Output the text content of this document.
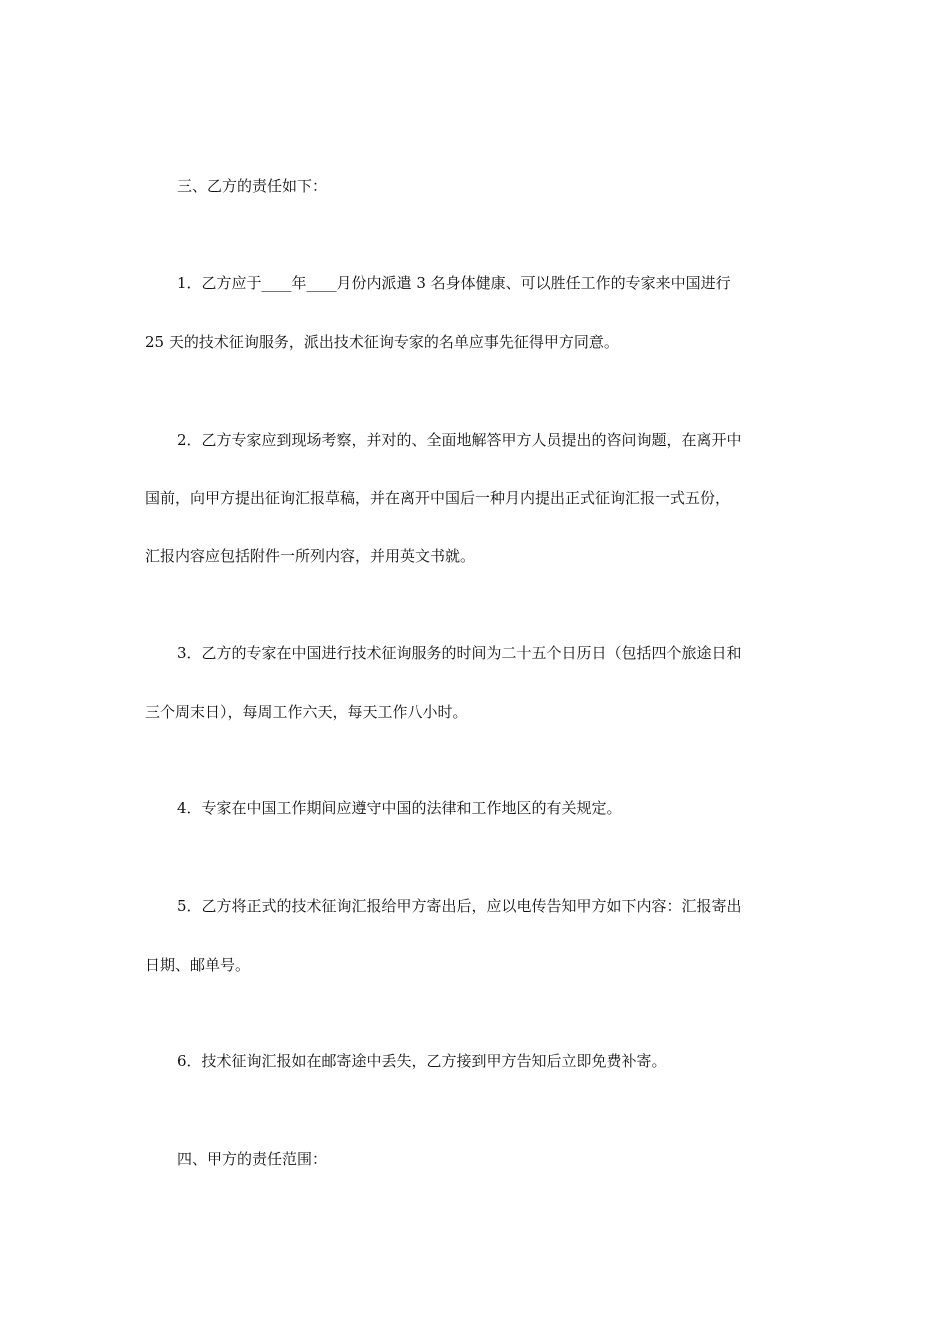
三、乙方的责任如下：

1．乙方应于____年____月份内派遣 3 名身体健康、可以胜任工作的专家来中国进行

25 天的技术征询服务，派出技术征询专家的名单应事先征得甲方同意。

2．乙方专家应到现场考察，并对的、全面地解答甲方人员提出的咨问询题，在离开中

国前，向甲方提出征询汇报草稿，并在离开中国后一种月内提出正式征询汇报一式五份，

汇报内容应包括附件一所列内容，并用英文书就。

3．乙方的专家在中国进行技术征询服务的时间为二十五个日历日（包括四个旅途日和

三个周末日），每周工作六天，每天工作八小时。

4．专家在中国工作期间应遵守中国的法律和工作地区的有关规定。

5．乙方将正式的技术征询汇报给甲方寄出后，应以电传告知甲方如下内容：汇报寄出

日期、邮单号。

6．技术征询汇报如在邮寄途中丢失，乙方接到甲方告知后立即免费补寄。

四、甲方的责任范围：
